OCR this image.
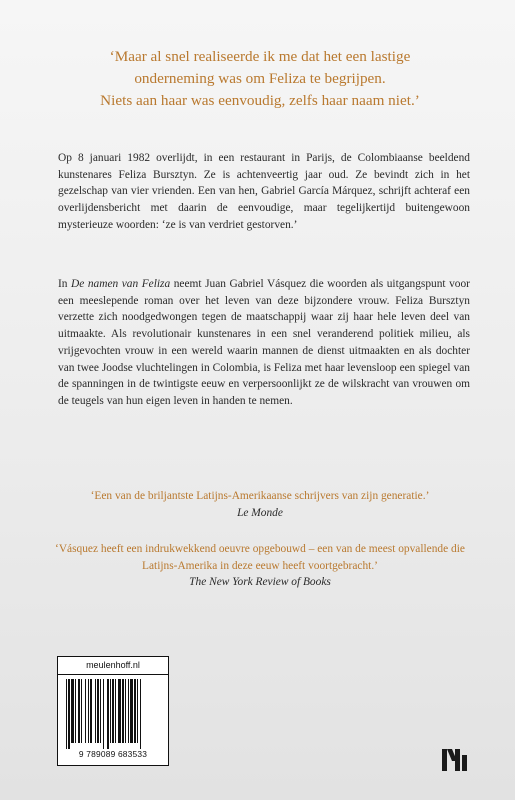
‘Maar al snel realiseerde ik me dat het een lastige
onderneming was om Feliza te begrijpen.
Niets aan haar was eenvoudig, zelfs haar naam niet.’

Op 8 januari 1982 overlijdt, in een restaurant in Parijs, de Colombiaanse beeldend kunstenares Feliza Bursztyn. Ze is achtenveertig jaar oud. Ze bevindt zich in het gezelschap van vier vrienden. Een van hen, Gabriel García Márquez, schrijft achteraf een overlijdensbericht met daarin de eenvoudige, maar tegelijkertijd buitengewoon mysterieuze woorden: ‘ze is van verdriet gestorven.’

In De namen van Feliza neemt Juan Gabriel Vásquez die woorden als uitgangspunt voor een meeslepende roman over het leven van deze bijzondere vrouw. Feliza Bursztyn verzette zich noodgedwongen tegen de maatschappij waar zij haar hele leven deel van uitmaakte. Als revolutionair kunstenares in een snel veranderend politiek milieu, als vrijgevochten vrouw in een wereld waarin mannen de dienst uitmaakten en als dochter van twee Joodse vluchtelingen in Colombia, is Feliza met haar levensloop een spiegel van de spanningen in de twintigste eeuw en verpersoonlijkt ze de wilskracht van vrouwen om de teugels van hun eigen leven in handen te nemen.

‘Een van de briljantste Latijns-Amerikaanse schrijvers van zijn generatie.’
Le Monde
‘Vásquez heeft een indrukwekkend oeuvre opgebouwd – een van de meest opvallende die Latijns-Amerika in deze eeuw heeft voortgebracht.’
The New York Review of Books
meulenhoff.nl
9 789089 683533
